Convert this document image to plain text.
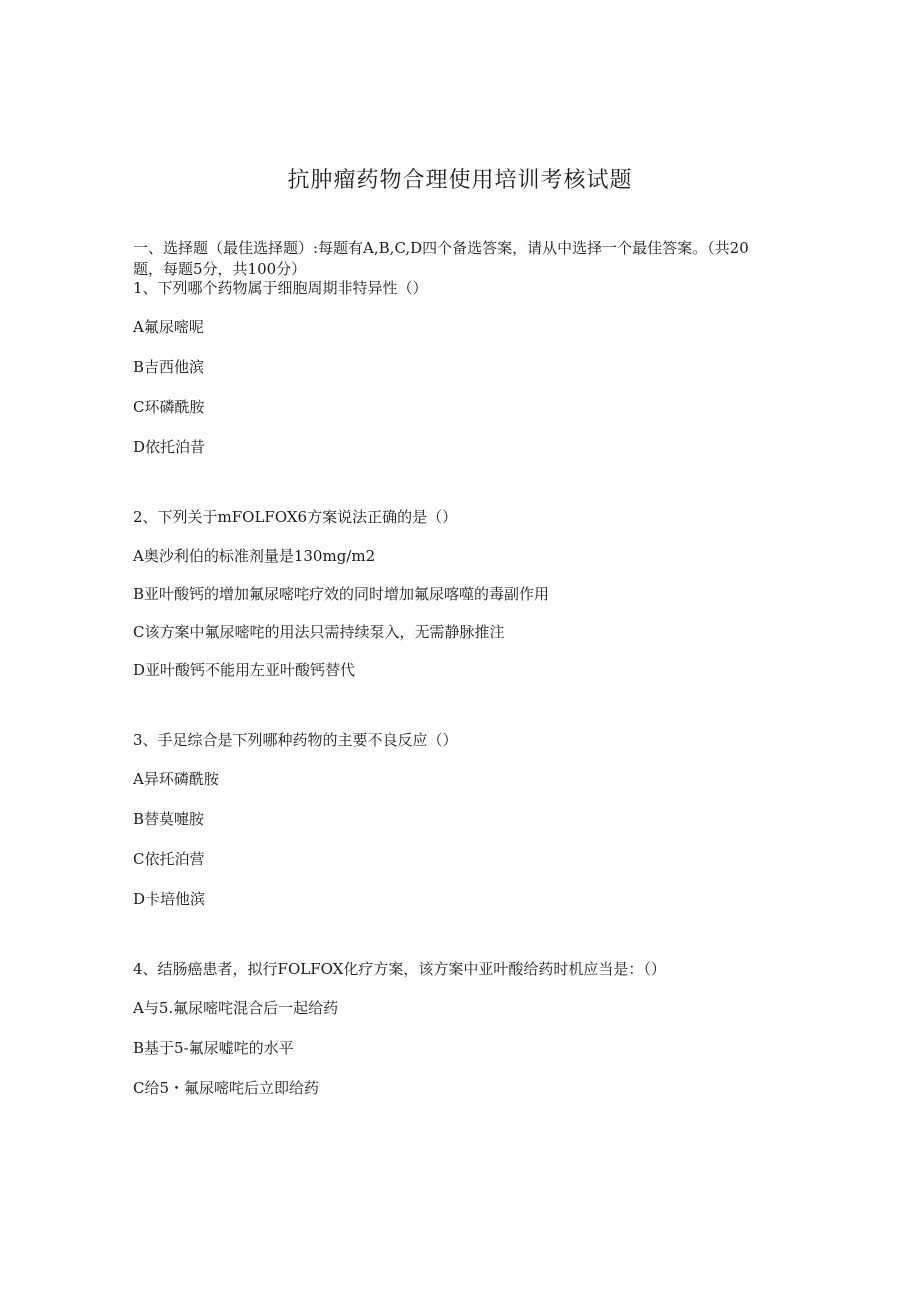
抗肿瘤药物合理使用培训考核试题
一、选择题（最佳选择题）:每题有A,B,C,D四个备选答案，请从中选择一个最佳答案。（共20题，每题5分，共100分）
1、下列哪个药物属于细胞周期非特异性（）
A氟尿嘧呢
B吉西他滨
C环磷酰胺
D依托泊昔
2、下列关于mFOLFOX6方案说法正确的是（）
A奥沙利伯的标准剂量是130mg∕m2
B亚叶酸钙的增加氟尿嘧咤疗效的同时增加氟尿喀噬的毒副作用
C该方案中氟尿嘧咤的用法只需持续泵入，无需静脉推注
D亚叶酸钙不能用左亚叶酸钙替代
3、手足综合是下列哪种药物的主要不良反应（）
A异环磷酰胺
B替莫嚏胺
C依托泊营
D卡培他滨
4、结肠癌患者，拟行FOLFOX化疗方案，该方案中亚叶酸给药时机应当是：（）
A与5.氟尿嘧咤混合后一起给药
B基于5-氟尿嘘咤的水平
C给5・氟尿嘧咤后立即给药
